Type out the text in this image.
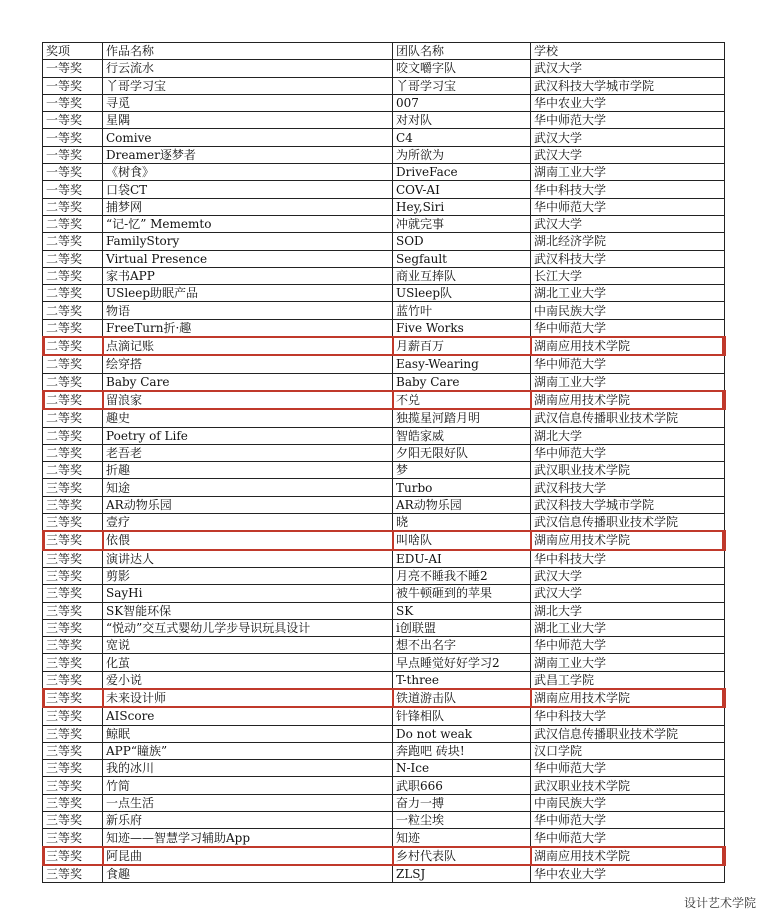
奖项	作品名称	团队名称	学校
一等奖	行云流水	咬文嚼字队	武汉大学
一等奖	丫哥学习宝	丫哥学习宝	武汉科技大学城市学院
一等奖	寻觅	007	华中农业大学
一等奖	星隅	对对队	华中师范大学
一等奖	Comive	C4	武汉大学
一等奖	Dreamer逐梦者	为所欲为	武汉大学
一等奖	《树食》	DriveFace	湖南工业大学
一等奖	口袋CT	COV-AI	华中科技大学
二等奖	捕梦网	Hey,Siri	华中师范大学
二等奖	“记-忆” Mememto	冲就完事	武汉大学
二等奖	FamilyStory	SOD	湖北经济学院
二等奖	Virtual Presence	Segfault	武汉科技大学
二等奖	家书APP	商业互捧队	长江大学
二等奖	USleep助眠产品	USleep队	湖北工业大学
二等奖	物语	蓝竹叶	中南民族大学
二等奖	FreeTurn折·趣	Five Works	华中师范大学
二等奖	点滴记账	月薪百万	湖南应用技术学院
二等奖	绘穿搭	Easy-Wearing	华中师范大学
二等奖	Baby Care	Baby Care	湖南工业大学
二等奖	留浪家	不兑	湖南应用技术学院
二等奖	趣史	独揽星河踏月明	武汉信息传播职业技术学院
二等奖	Poetry of Life	智皓家威	湖北大学
二等奖	老吾老	夕阳无限好队	华中师范大学
二等奖	折趣	梦	武汉职业技术学院
三等奖	知途	Turbo	武汉科技大学
三等奖	AR动物乐园	AR动物乐园	武汉科技大学城市学院
三等奖	壹疗	晓	武汉信息传播职业技术学院
三等奖	依偎	叫啥队	湖南应用技术学院
三等奖	演讲达人	EDU-AI	华中科技大学
三等奖	剪影	月亮不睡我不睡2	武汉大学
三等奖	SayHi	被牛顿砸到的苹果	武汉大学
三等奖	SK智能环保	SK	湖北大学
三等奖	“悦动”交互式婴幼儿学步导识玩具设计	i创联盟	湖北工业大学
三等奖	宽说	想不出名字	华中师范大学
三等奖	化茧	早点睡觉好好学习2	湖南工业大学
三等奖	爱小说	T-three	武昌工学院
三等奖	未来设计师	铁道游击队	湖南应用技术学院
三等奖	AIScore	针锋相队	华中科技大学
三等奖	鲸眠	Do not weak	武汉信息传播职业技术学院
三等奖	APP“瞳族”	奔跑吧 砖块!	汉口学院
三等奖	我的冰川	N-Ice	华中师范大学
三等奖	竹简	武职666	武汉职业技术学院
三等奖	一点生活	奋力一搏	中南民族大学
三等奖	新乐府	一粒尘埃	华中师范大学
三等奖	知迹——智慧学习辅助App	知迹	华中师范大学
三等奖	阿昆曲	乡村代表队	湖南应用技术学院
三等奖	食趣	ZLSJ	华中农业大学
设计艺术学院
